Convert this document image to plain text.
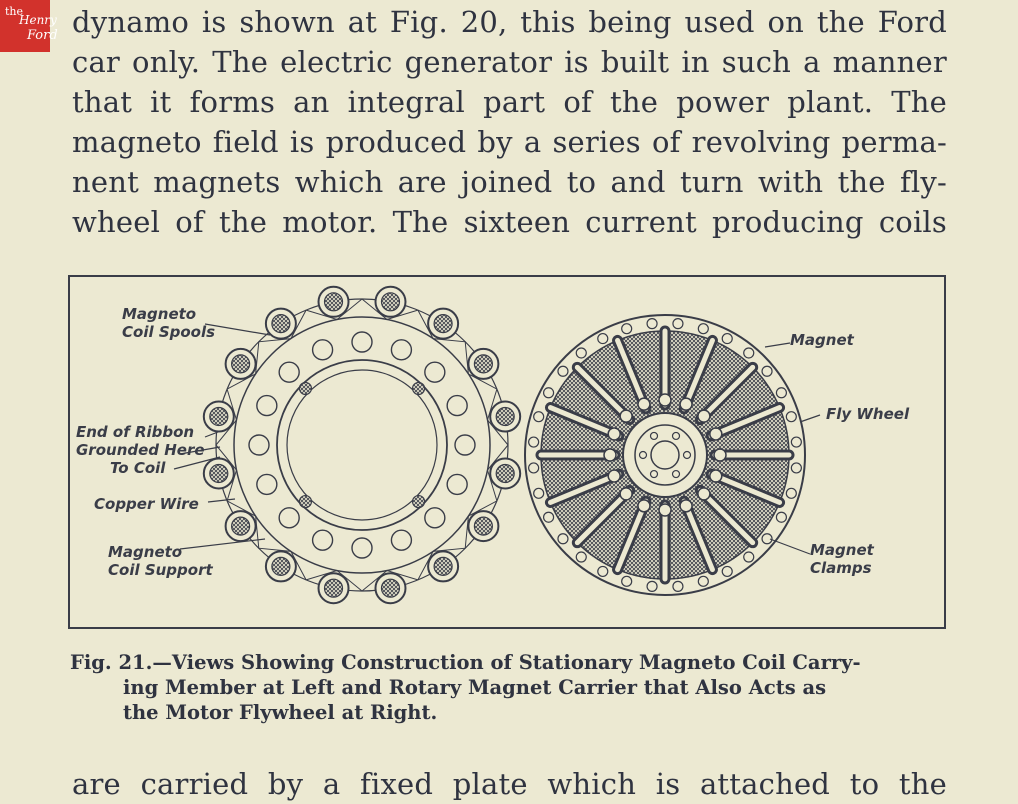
the
Henry
Ford dynamo is shown at Fig. 20, this being used on the Ford
car only. The electric generator is built in such a manner
that it forms an integral part of the power plant. The
magneto field is produced by a series of revolving perma-
nent magnets which are joined to and turn with the fly-
wheel of the motor. The sixteen current producing coils
Magneto
Coil Spools
End of Ribbon
Grounded Here
To Coil
Copper Wire
Magneto
Coil Support
Magnet
Fly Wheel
Magnet
Clamps
Fig. 21.—Views Showing Construction of Stationary Magneto Coil Carry-
ing Member at Left and Rotary Magnet Carrier that Also Acts as
the Motor Flywheel at Right.
are carried by a fixed plate which is attached to the
